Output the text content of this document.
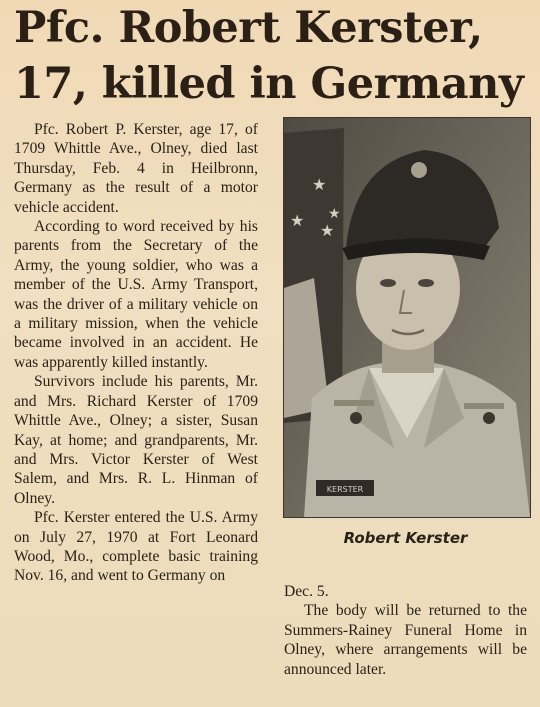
Pfc. Robert Kerster,
17, killed in Germany

Pfc. Robert P. Kerster, age 17, of 1709 Whittle Ave., Olney, died last Thursday, Feb. 4 in Heilbronn, Germany as the result of a motor vehicle accident.

According to word received by his parents from the Secretary of the Army, the young soldier, who was a member of the U.S. Army Transport, was the driver of a military vehicle on a military mission, when the vehicle became involved in an accident. He was apparently killed instantly.

Survivors include his parents, Mr. and Mrs. Richard Kerster of 1709 Whittle Ave., Olney; a sister, Susan Kay, at home; and grandparents, Mr. and Mrs. Victor Kerster of West Salem, and Mrs. R. L. Hinman of Olney.

Pfc. Kerster entered the U.S. Army on July 27, 1970 at Fort Leonard Wood, Mo., complete basic training Nov. 16, and went to Germany on

★
★
★
★
KERSTER
Robert Kerster

Dec. 5.

The body will be returned to the Summers-Rainey Funeral Home in Olney, where arrangements will be announced later.
